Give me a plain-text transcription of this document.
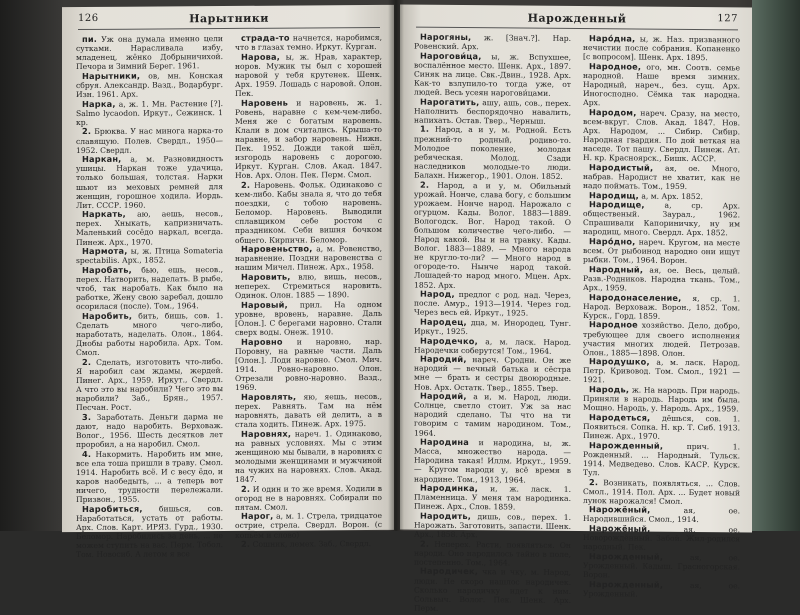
126	Нарытники

пи. Уж она думала именно цели сутками. Нарасливала избу, младенец, жёнко Добрыничихой. Печора и Зимний Берег. 1961.

Нарытники, ов, мн. Конская сбруя. Александр. Вазд., Водарбург. Изн. 1961. Арх.

Нарка, а, ж. 1. Мн. Растение [?]. Salmo lycaodon. Иркут., Сежинск. 1 кр.

2. Брюква. У нас минога нарка-то славящую. Полев. Свердл., 1950—1952. Свердл.

Наркан, а, м. Разновидность ушицы. Наркан тоже удачица, только большая, толстая. Нарки шьют из меховых ремней для женщин, горошное ходила. Иордь. Лит. СССР. 1960.

Наркать, аю, аешь, несов., перех. Хныкать, капризничать. Маленький сосёдо наркал, всегда. Пинеж. Арх., 1970.

Нармота, ы, ж. Птица Somateria spectabilis. Арх., 1852.

Наробать, бью, ешь, несов., перех. Натворить, наделать. В рыбе, чтоб, так наробать. Как было на работке, Жену свою заребал, дошло осорилася (после). Том., 1964.

Наробить, бить, бишь, сов. 1. Сделать много чего-либо, наработать, наделать. Олон., 1864. Днобы работы наробила. Арх. Том. Смол.

2. Сделать, изготовить что-либо. Я наробил сам ждамы, жердей. Пинег. Арх., 1959. Иркут., Свердл. А что это вы наробили? Чего это вы наробили? Заб., Брян., 1957. Песчан. Рост.

3. Заработать. Деньги дарма не дают, надо наробить. Верховаж. Волог., 1956. Шесть десятков лет проробил, а на наробил. Смол.

4. Накормить. Наробить им мне, все ела тоша пришли в траву. Смол. 1914. Наробить всё. И с весу ёдо, и каров наобедыть, ... а теперь вот ничего, трудности перележали. Призвон., 1955.

Наробиться, бишься, сов. Наработаться, устать от работы. Арх. Слов. Карт. ИРЯЗ. Гурд., 1930. Беломор. Наробились за день, ... не можем ступить на вас. Перм. Тобол. Том. Новосиб. А летом я все

страда-то начнется, наробимся, что в глазах темно. Иркут. Курган.

Нарова, ы, ж. Нрав, характер, норов. Мужик ты был с хорошей наровой у тебя крутенек. Шенк. Арх. 1959. Лошадь с наровой. Олон. Пек.

Наровень и наровень, ж. 1. Ровень, наравне с кем-чем-либо. Меня же с богатым наровень. Клали в дом считались. Крыша-то наравне, и забор наровень. Нижн. Пек. 1952. Дожди такой шёл, изгородь наровень с дорогою. Иркут. Курган. Слов. Акад. 1847. Нов. Арх. Олон. Пек. Перм. Смол.

2. Наровень. Фольк. Одинаково с кем-либо. Кабы знала я, что до тебя поездки, с тобою наровень. Беломор. Наровень. Выводили сплавщиком себе ростом с праздником. Себи вишня бочком общего. Кирпичн. Беломор.

Наровеньство, а, м. Ровенство, наравнение. Поздни наровенства с нашим Мичел. Пинеж. Арх., 1958.

Наровить, влю, вишь, несов., неперех. Стремиться наровить. Одинок. Олон. 1885 — 1890.

Наровый, прил. На одном уровне, вровень, наравне. Даль [Олон.]. С берегами наровно. Стали сверх воды. Онеж. 1910.

Наровно и наровно, нар. Поровну, на равные части. Даль [Олон.]. Лоди наровно. Смол. Мич. 1914. Ровно-наровно. Олон. Отрезали ровно-наровно. Вазд., 1969.

Наровлять, яю, яешь, несов., перех. Равнять. Там на нём наровнять, давать ей делить, а в стала ходить. Пинеж. Арх. 1975.

Наровнях, нареч. 1. Одинаково, на равных условиях. Мы с этим женщиною мы бывали, в наровнях с молодыми женщинами и мужчиной на чужих на наровнях. Слов. Акад. 1847.

2. И один и то же время. Ходили в огород не в наровнях. Собирали по пятам. Смол.

Нарог, а, м. 1. Стрела, тридцатое острие, стрела. Свердл. Ворон. (с копьём и слово)

2. Сошник, лемех. Заб., Свердл.

127
Нарожденный

Нарогяны, ж. [Знач.?]. Нар. Ровенский. Арх.

Нарогови́ца, ы, ж. Вспухшее, воспалённое место. Шенк. Арх., 1897. Синяк на лице. Свк.-Двин., 1928. Арх. Как-то взлупило-то тогда уже, от людей. Весь усеян нарогови́цами.

Нарогатить, ашу, ашь, сов., перех. Наполнить беспорядочно навалить, напихать. Остав. Твер., Черныш.

1. Народ, а и у, м. Родной. Есть прежний-то родный, родиво-то. Молодое поколение, молодая ребяческая. Молод. Сзади наследников молодые-то люди. Балахн. Нижегор., 1901. Олон. 1852.

2. Народ, а и у, м. Обильный урожай. Нонче, слава богу, с большим урожаем. Нонче народ. Нарожало с огурцом. Кады. Волог. 1883—1889. Вологодск. Вог. Народ такой. О большом количестве чего-либо. — Народ какой. Вы и на травку. Кады. Волог. 1883—1889. — Много народа не кругло-то-ли? — Много народ в огороде-то. Нынче народ такой. Лошадей-то народ много. Мцен. Арх. 1852. Арх.

Народ, предлог с род. над. Через, после. Амур., 1913—1914. Через год. Через весь ей. Иркут., 1925.

Народец, дца, м. Инородец. Тунг. Иркут., 1925.

Народечко, а, м. ласк. Народ. Народечки соберутся! Том., 1964.

Народий, нареч. Сродни. Он же народий — вечный батька и сёстра мне — брать и сестры двоюродные. Нов. Арх. Остатк. Твер., 1855. Твер.

Народий, а и, м. Народ, люди. Солнце, светло стоит. Уж за нас народий сделано. Ты что на ти говорим с тамим народином. Том., 1964.

Народина и народина, ы, ж. Масса, множество народа. — Народина такая! Иллм. Иркут., 1959. — Кругом народи у, всё время в народине. Том., 1913, 1964.

Народинка, и, ж. ласк. 1. Пламенница. У меня там народинка. Пинеж. Арх., Слов. 1859.

Народить, дишь, сов., перех. 1. Нарожать. Заготовить, запасти. Шенк. Арх., 1858. Арх.

2. Неперех. Расти, появляться. Он народи. Оно народилось тайно в поле, постепенно. Том., 1964.

Народичек, чка и чку, м. Народ, люди. Не скоро нашлос народичек. Сколько народичку идет к ним. Сольвыч. Волог. Пек. Шенк. Арх. Перм.

Наро́дна, ы, ж. Наз. призванного нечистии после собрания. Копаненко [с вопросом]. Шенк. Арх. 1895.

Народное, ого, мн. Соотв. семье народной. Наше время зимних. Народный, нареч., без. сущ. Арх. Иногосподно. Сёмка так народна. Арх.

Народом, нареч. Сразу, на место, всем-вкруг. Слов. Акад. 1847. Нов. Арх. Народом, ... Сибир. Сибир. Народная гвардия. По дой веткая на наседе. Тот пашу. Свердл. Пинеж. Ат. Н. кр. Красноярск., Бишк. АССР.

Народистый, ая, ое. Много, набрав. Народист не хватит, как не надо поймать. Том., 1959.

Народищ, а, м. Арх. 1852.

Народище, а, ср. Арх. общественый. Заурал., 1962. Спрашивали Капориничку, ну им народищ, много. Свердл. Арх. 1852.

Наро́дно, нареч. Кругом, на месте всем. От рыбоинод народно они ищут рыбки. Том., 1964. Ворон.

Народный, ая, ое. Весь, целый. Разв.-Родников. Народна ткань. Том., Арх., 1959.

Народонаселение, я, ср. 1. Народ. Верховаж. Ворон., 1852. Том. Курск., Горд. 1859.

Народное хозяйство. Дело, добро, требующее для своего исполнения участия многих людей. Петрозав. Олон., 1885—1898. Олон.

Народушко, а, м. ласк. Народ. Петр. Кривовод. Том. Смол., 1921 — 1921.

Народь, ж. На народь. При народь. Приняли в народь. Народь им была. Мощно. Народь, у. Народь. Арх., 1959.

Народеться, дёшься, сов. 1. Появиться. Сопка. Н. кр. Т. Сиб. 1913. Пинеж. Арх., 1970.

Нарожденный, прич. 1. Рожденный. ... Народный. Тульск. 1914. Медведево. Слов. КАСР. Курск. Тул.

2. Возникать, появляться. ... Слов. Смол., 1914. Пол. Арх. ... Будет новый лунок нарожался! Смол.

Нарожёный, ая, ое. Народившийся. Смол., 1914.

Нарожёный, ая, ое. Новорождённый. Забой. Жил-родился народный. Пек.

Нарожденный, ая, ое. Урожденный. Кадыш. Грасногорская. Ворон.

Нарожденный, ая, ое. Урожденный.
